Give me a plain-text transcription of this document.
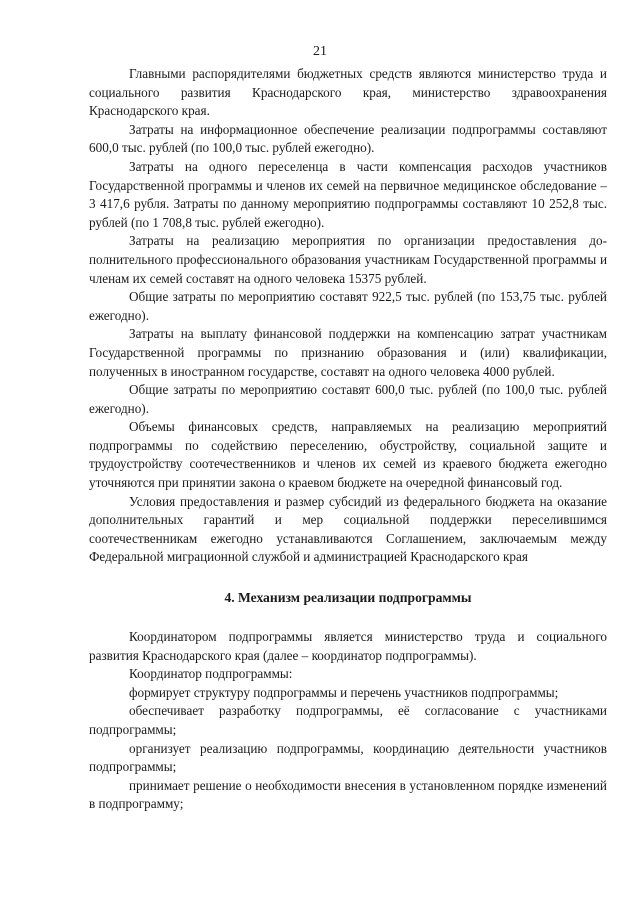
21

Главными распорядителями бюджетных средств являются министерство труда и социального развития Краснодарского края, министерство здравоохранения Краснодарского края.

Затраты на информационное обеспечение реализации подпрограммы составляют 600,0 тыс. рублей (по 100,0 тыс. рублей ежегодно).

Затраты на одного переселенца в части компенсация расходов участников Государственной программы и членов их семей на первичное медицинское обследование – 3 417,6 рубля. Затраты по данному мероприятию подпрограммы составляют 10 252,8 тыс. рублей (по 1 708,8 тыс. рублей ежегодно).

Затраты на реализацию мероприятия по организации предоставления дополнительного профессионального образования участникам Государственной программы и членам их семей составят на одного человека 15375 рублей.

Общие затраты по мероприятию составят 922,5 тыс. рублей (по 153,75 тыс. рублей ежегодно).

Затраты на выплату финансовой поддержки на компенсацию затрат участникам Государственной программы по признанию образования и (или) квалификации, полученных в иностранном государстве, составят на одного человека 4000 рублей.

Общие затраты по мероприятию составят 600,0 тыс. рублей (по 100,0 тыс. рублей ежегодно).

Объемы финансовых средств, направляемых на реализацию мероприятий подпрограммы по содействию переселению, обустройству, социальной защите и трудоустройству соотечественников и членов их семей из краевого бюджета ежегодно уточняются при принятии закона о краевом бюджете на очередной финансовый год.

Условия предоставления и размер субсидий из федерального бюджета на оказание дополнительных гарантий и мер социальной поддержки переселившимся соотечественникам ежегодно устанавливаются Соглашением, заключаемым между Федеральной миграционной службой и администрацией Краснодарского края

4. Механизм реализации подпрограммы

Координатором подпрограммы является министерство труда и социального развития Краснодарского края (далее – координатор подпрограммы).

Координатор подпрограммы:

формирует структуру подпрограммы и перечень участников подпрограммы;

обеспечивает разработку подпрограммы, её согласование с участниками подпрограммы;

организует реализацию подпрограммы, координацию деятельности участников подпрограммы;

принимает решение о необходимости внесения в установленном порядке изменений в подпрограмму;
